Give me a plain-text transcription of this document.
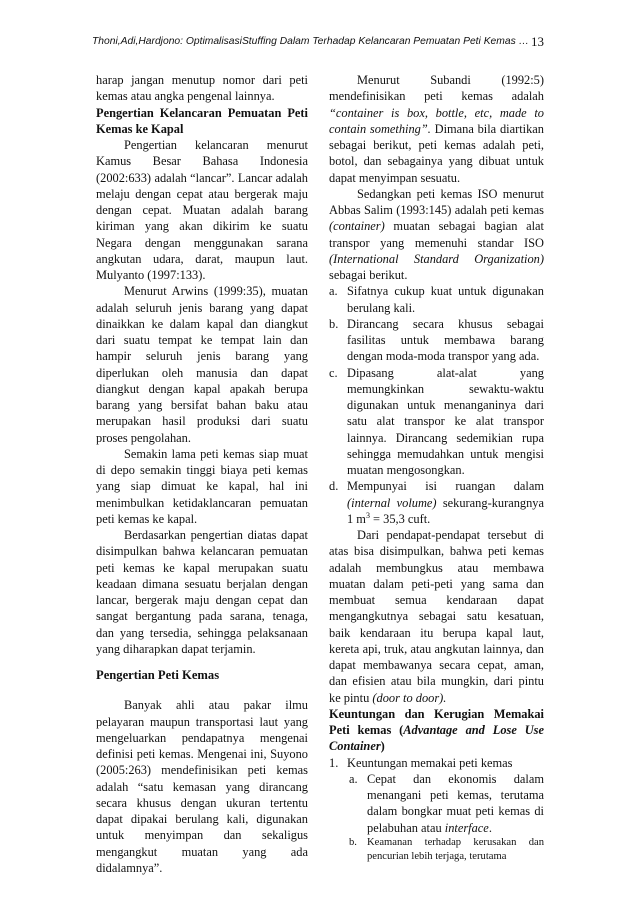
Thoni,Adi,Hardjono: OptimalisasiStuffing Dalam Terhadap Kelancaran Pemuatan Peti Kemas … 13

harap jangan menutup nomor dari peti kemas atau angka pengenal lainnya.

Pengertian Kelancaran Pemuatan Peti Kemas ke Kapal

Pengertian kelancaran menurut Kamus Besar Bahasa Indonesia (2002:633) adalah “lancar”. Lancar adalah melaju dengan cepat atau bergerak maju dengan cepat. Muatan adalah barang kiriman yang akan dikirim ke suatu Negara dengan menggunakan sarana angkutan udara, darat, maupun laut. Mulyanto (1997:133).

Menurut Arwins (1999:35), muatan adalah seluruh jenis barang yang dapat dinaikkan ke dalam kapal dan diangkut dari suatu tempat ke tempat lain dan hampir seluruh jenis barang yang diperlukan oleh manusia dan dapat diangkut dengan kapal apakah berupa barang yang bersifat bahan baku atau merupakan hasil produksi dari suatu proses pengolahan.

Semakin lama peti kemas siap muat di depo semakin tinggi biaya peti kemas yang siap dimuat ke kapal, hal ini menimbulkan ketidaklancaran pemuatan peti kemas ke kapal.

Berdasarkan pengertian diatas dapat disimpulkan bahwa kelancaran pemuatan peti kemas ke kapal merupakan suatu keadaan dimana sesuatu berjalan dengan lancar, bergerak maju dengan cepat dan sangat bergantung pada sarana, tenaga, dan yang tersedia, sehingga pelaksanaan yang diharapkan dapat terjamin.

Pengertian Peti Kemas

Banyak ahli atau pakar ilmu pelayaran maupun transportasi laut yang mengeluarkan pendapatnya mengenai definisi peti kemas. Mengenai ini, Suyono (2005:263) mendefinisikan peti kemas adalah “satu kemasan yang dirancang secara khusus dengan ukuran tertentu dapat dipakai berulang kali, digunakan untuk menyimpan dan sekaligus mengangkut muatan yang ada didalamnya”.

Menurut Subandi (1992:5) mendefinisikan peti kemas adalah “container is box, bottle, etc, made to contain something”. Dimana bila diartikan sebagai berikut, peti kemas adalah peti, botol, dan sebagainya yang dibuat untuk dapat menyimpan sesuatu.

Sedangkan peti kemas ISO menurut Abbas Salim (1993:145) adalah peti kemas (container) muatan sebagai bagian alat transpor yang memenuhi standar ISO (International Standard Organization) sebagai berikut.

a. Sifatnya cukup kuat untuk digunakan berulang kali.
b. Dirancang secara khusus sebagai fasilitas untuk membawa barang dengan moda-moda transpor yang ada.
c. Dipasang alat-alat yang memungkinkan sewaktu-waktu digunakan untuk menanganinya dari satu alat transpor ke alat transpor lainnya. Dirancang sedemikian rupa sehingga memudahkan untuk mengisi muatan mengosongkan.
d. Mempunyai isi ruangan dalam (internal volume) sekurang-kurangnya 1 $m^3 = 35,3$ cuft.

Dari pendapat-pendapat tersebut di atas bisa disimpulkan, bahwa peti kemas adalah membungkus atau membawa muatan dalam peti-peti yang sama dan membuat semua kendaraan dapat mengangkutnya sebagai satu kesatuan, baik kendaraan itu berupa kapal laut, kereta api, truk, atau angkutan lainnya, dan dapat membawanya secara cepat, aman, dan efisien atau bila mungkin, dari pintu ke pintu (door to door).

Keuntungan dan Kerugian Memakai Peti kemas (Advantage and Lose Use Container)

1. Keuntungan memakai peti kemas
a. Cepat dan ekonomis dalam menangani peti kemas, terutama dalam bongkar muat peti kemas di pelabuhan atau interface.
b. Keamanan terhadap kerusakan dan pencurian lebih terjaga, terutama
